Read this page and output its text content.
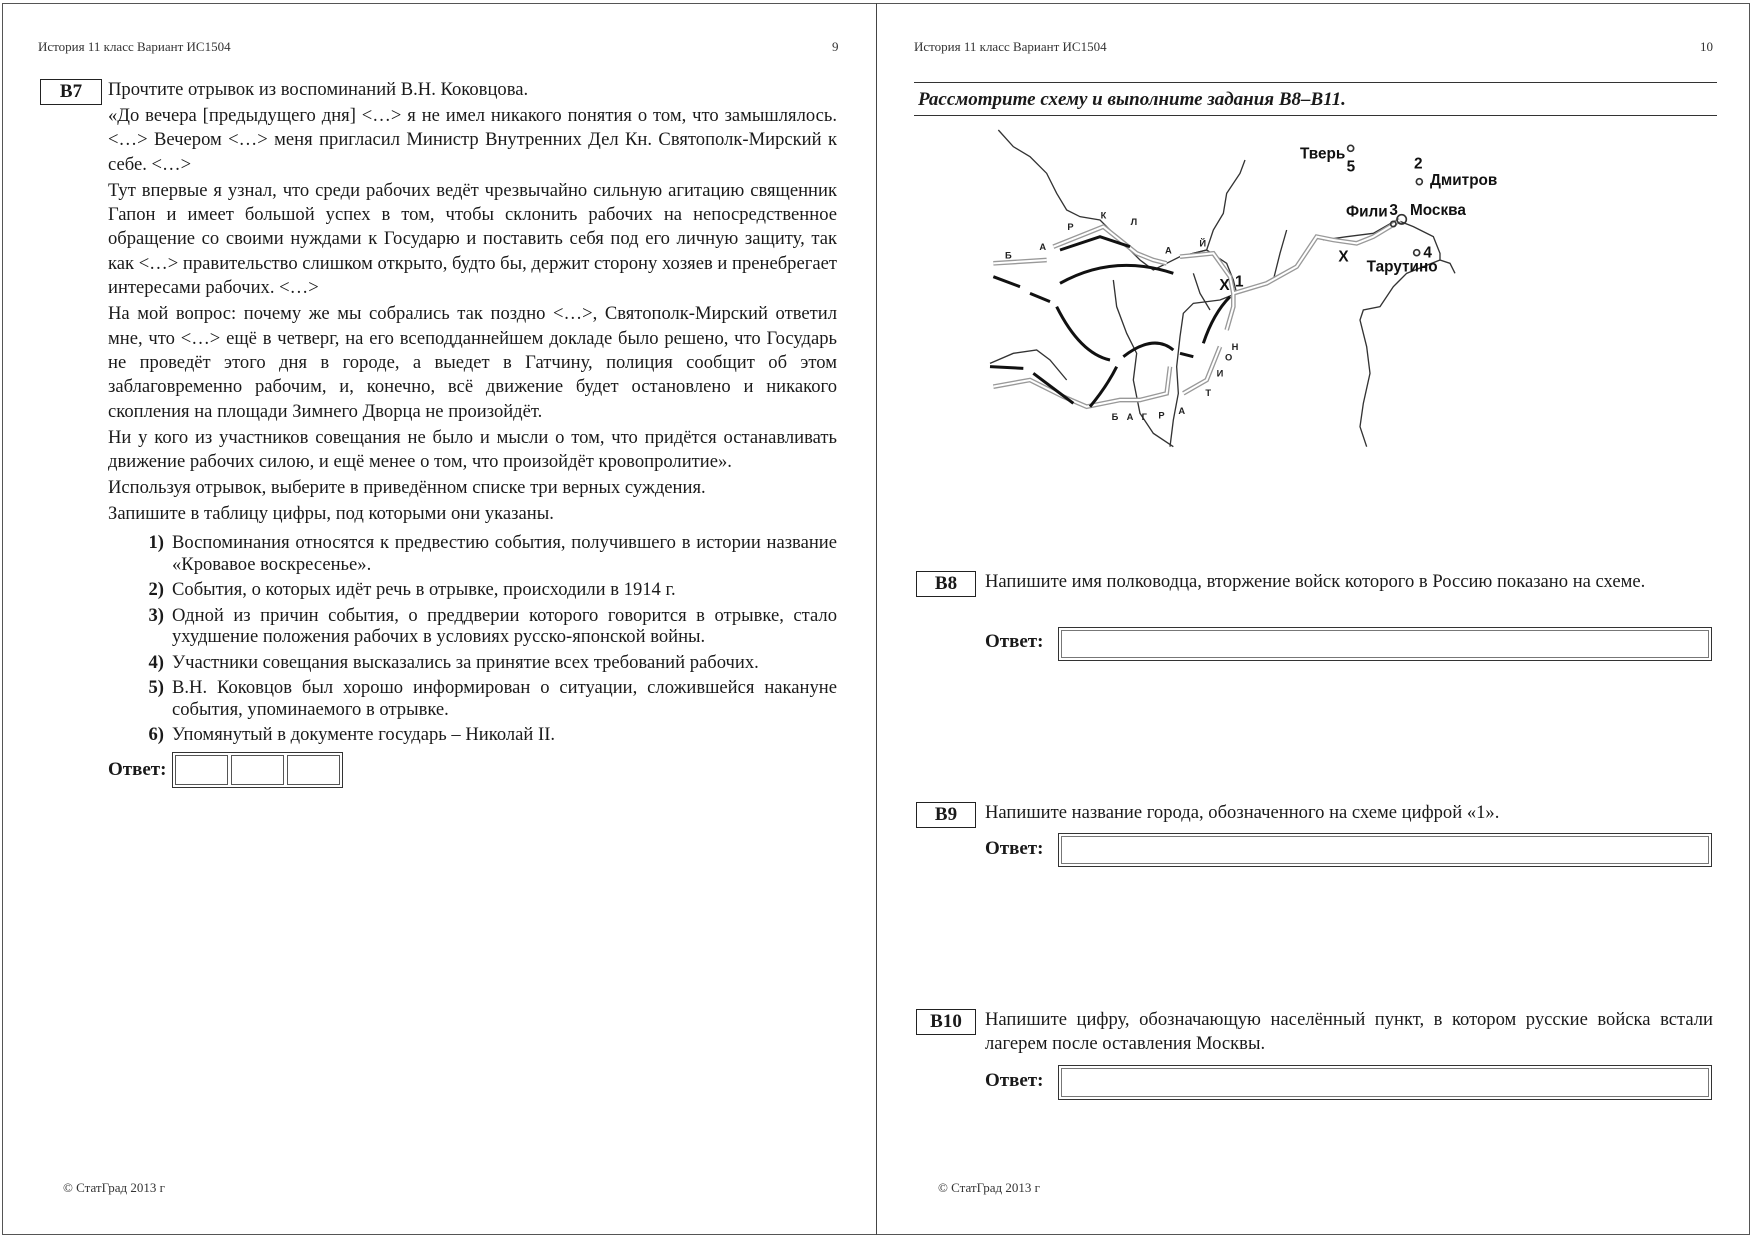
История 11 класс Вариант ИС1504	9
B7	Прочтите отрывок из воспоминаний В.Н. Коковцова.

«До вечера [предыдущего дня] <…> я не имел никакого понятия о том, что замышлялось. <…> Вечером <…> меня пригласил Министр Внутренних Дел Кн. Святополк-Мирский к себе. <…>

Тут впервые я узнал, что среди рабочих ведёт чрезвычайно сильную агитацию священник Гапон и имеет большой успех в том, чтобы склонить рабочих на непосредственное обращение со своими нуждами к Государю и поставить себя под его личную защиту, так как <…> правительство слишком открыто, будто бы, держит сторону хозяев и пренебрегает интересами рабочих. <…>

На мой вопрос: почему же мы собрались так поздно <…>, Святополк-Мирский ответил мне, что <…> ещё в четверг, на его всеподданнейшем докладе было решено, что Государь не проведёт этого дня в городе, а выедет в Гатчину, полиция сообщит об этом заблаговременно рабочим, и, конечно, всё движение будет остановлено и никакого скопления на площади Зимнего Дворца не произойдёт.

Ни у кого из участников совещания не было и мысли о том, что придётся останавливать движение рабочих силою, и ещё менее о том, что произойдёт кровопролитие».

Используя отрывок, выберите в приведённом списке три верных суждения.

Запишите в таблицу цифры, под которыми они указаны.

1) Воспоминания относятся к предвестию события, получившего в истории название «Кровавое воскресенье».
2) События, о которых идёт речь в отрывке, происходили в 1914 г.
3) Одной из причин события, о преддверии которого говорится в отрывке, стало ухудшение положения рабочих в условиях русско-японской войны.
4) Участники совещания высказались за принятие всех требований рабочих.
5) В.Н. Коковцов был хорошо информирован о ситуации, сложившейся накануне события, упоминаемого в отрывке.
6) Упомянутый в документе государь – Николай II.
Ответ:
© СтатГрад 2013 г
История 11 класс Вариант ИС1504	10
Рассмотрите схему и выполните задания B8–B11.
Тверь
5 2
Дмитров
Фили 3 Москва
4
Тарутино
Х
Х 1
Б
А
Р
К
Л
А
Й
Б А Г Р А
Т
И
О
Н
B8	Напишите имя полководца, вторжение войск которого в Россию показано на схеме.
Ответ:
B9	Напишите название города, обозначенного на схеме цифрой «1».
Ответ:
B10	Напишите цифру, обозначающую населённый пункт, в котором русские войска встали лагерем после оставления Москвы.
Ответ:
© СтатГрад 2013 г
